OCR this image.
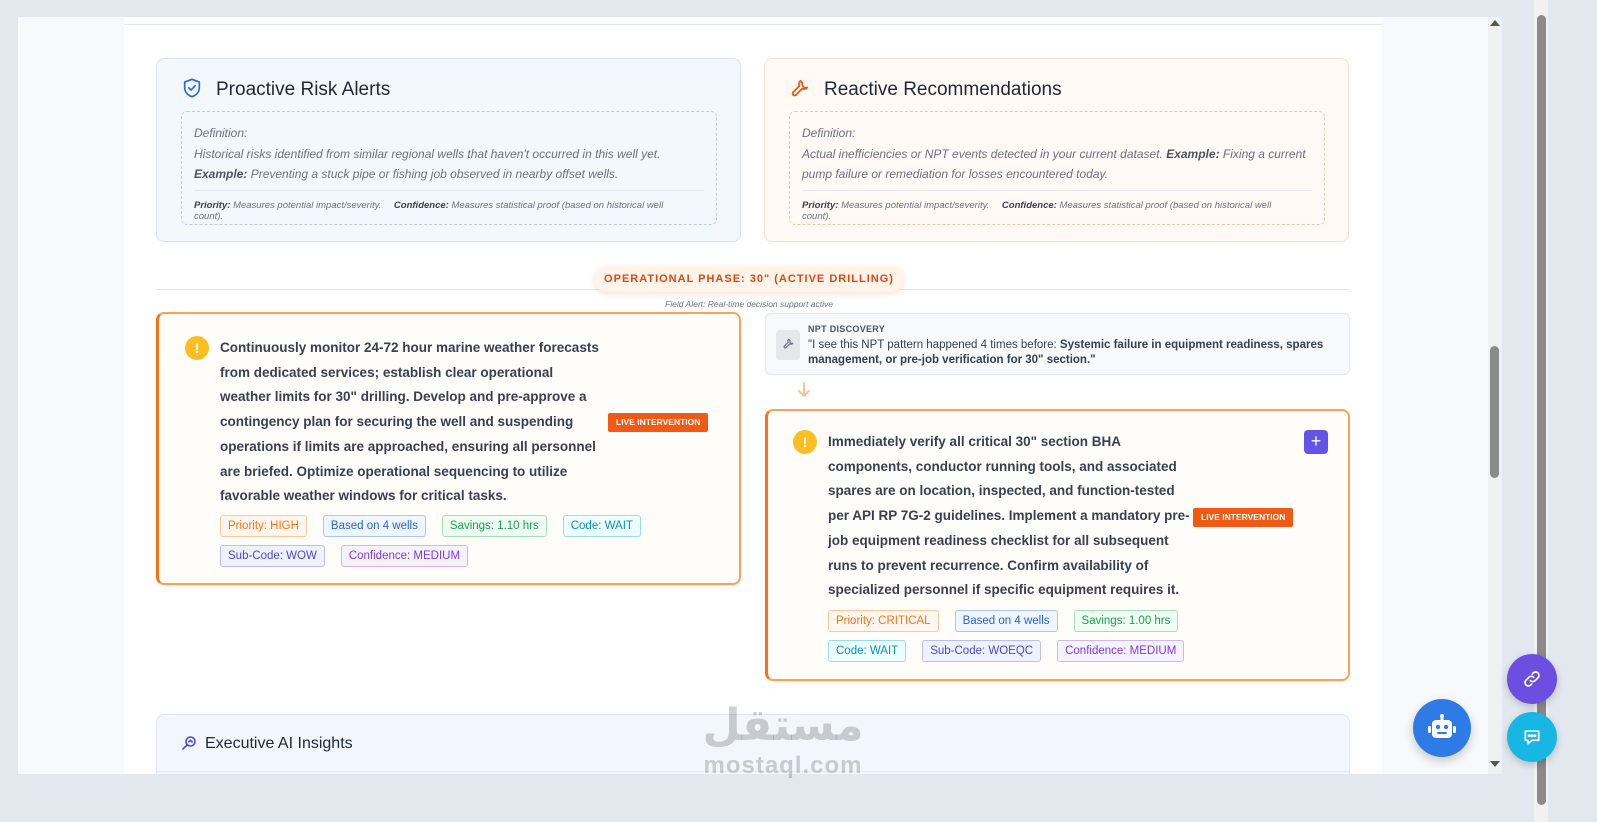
Proactive Risk Alerts
Definition:
Historical risks identified from similar regional wells that haven't occurred in this well yet. Example: Preventing a stuck pipe or fishing job observed in nearby offset wells.
Priority: Measures potential impact/severity. Confidence: Measures statistical proof (based on historical well count).
Reactive Recommendations
Definition:
Actual inefficiencies or NPT events detected in your current dataset. Example: Fixing a current pump failure or remediation for losses encountered today.
Priority: Measures potential impact/severity. Confidence: Measures statistical proof (based on historical well count).
OPERATIONAL PHASE: 30" (ACTIVE DRILLING)
Field Alert: Real-time decision support active
!	Continuously monitor 24-72 hour marine weather forecasts from dedicated services; establish clear operational weather limits for 30" drilling. Develop and pre-approve a contingency plan for securing the well and suspending operations if limits are approached, ensuring all personnel are briefed. Optimize operational sequencing to utilize favorable weather windows for critical tasks.
LIVE INTERVENTION
Priority: HIGH	Based on 4 wells	Savings: 1.10 hrs	Code: WAIT
Sub-Code: WOW	Confidence: MEDIUM
NPT DISCOVERY
"I see this NPT pattern happened 4 times before: Systemic failure in equipment readiness, spares management, or pre-job verification for 30" section."
!	Immediately verify all critical 30" section BHA components, conductor running tools, and associated spares are on location, inspected, and function-tested per API RP 7G-2 guidelines. Implement a mandatory pre-job equipment readiness checklist for all subsequent runs to prevent recurrence. Confirm availability of specialized personnel if specific equipment requires it.
LIVE INTERVENTION
+
Priority: CRITICAL	Based on 4 wells	Savings: 1.00 hrs
Code: WAIT	Sub-Code: WOEQC	Confidence: MEDIUM
Executive AI Insights	مستقل
mostaql.com
